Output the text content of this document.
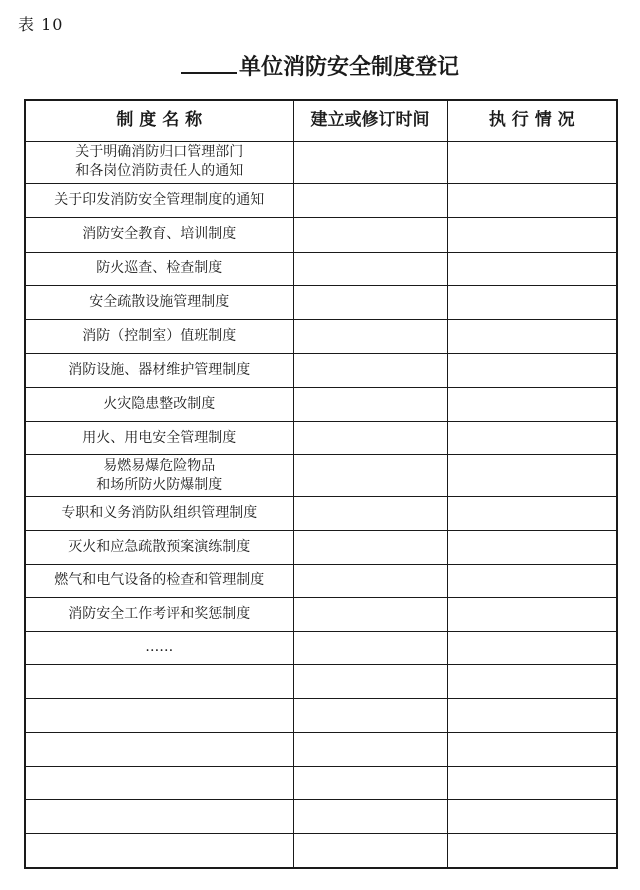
表 10
单位消防安全制度登记
制 度 名 称	建立或修订时间	执 行 情 况

关于明确消防归口管理部门
和各岗位消防责任人的通知		

关于印发消防安全管理制度的通知		

消防安全教育、培训制度		

防火巡查、检查制度		

安全疏散设施管理制度		

消防（控制室）值班制度		

消防设施、器材维护管理制度		

火灾隐患整改制度		

用火、用电安全管理制度		

易燃易爆危险物品
和场所防火防爆制度		

专职和义务消防队组织管理制度		

灭火和应急疏散预案演练制度		

燃气和电气设备的检查和管理制度		

消防安全工作考评和奖惩制度		

……		
